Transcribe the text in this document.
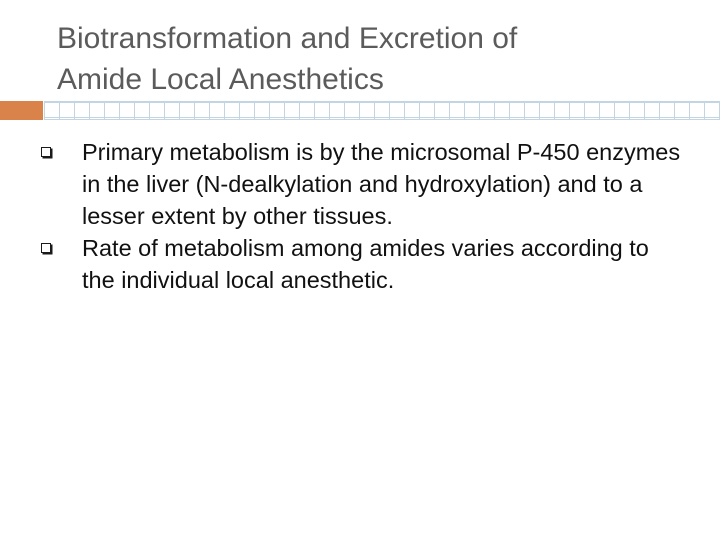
Biotransformation and Excretion of
Amide Local Anesthetics
Primary metabolism is by the microsomal P-450 enzymes in the liver (N-dealkylation and hydroxylation) and to a lesser extent by other tissues.
Rate of metabolism among amides varies according to the individual local anesthetic.
